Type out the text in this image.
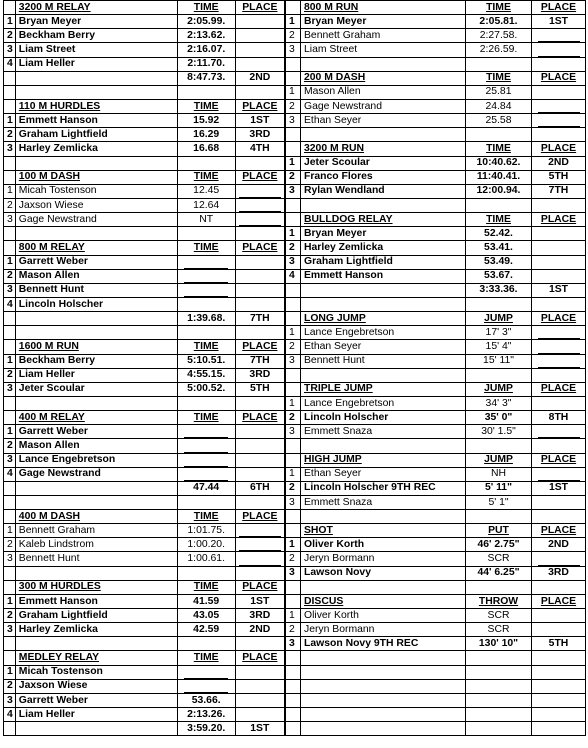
	3200 M RELAY	TIME	PLACE
1	Bryan Meyer	2:05.99.	
2	Beckham Berry	2:13.62.	
3	Liam Street	2:16.07.	
4	Liam Heller	2:11.70.	
		8:47.73.	2ND

	110 M HURDLES	TIME	PLACE
1	Emmett Hanson	15.92	1ST
2	Graham Lightfield	16.29	3RD
3	Harley Zemlicka	16.68	4TH

	100 M DASH	TIME	PLACE
1	Micah Tostenson	12.45	
2	Jaxson Wiese	12.64	
3	Gage Newstrand	NT	

	800 M RELAY	TIME	PLACE
1	Garrett Weber		
2	Mason Allen		
3	Bennett Hunt		
4	Lincoln Holscher		
		1:39.68.	7TH

	1600 M RUN	TIME	PLACE
1	Beckham Berry	5:10.51.	7TH
2	Liam Heller	4:55.15.	3RD
3	Jeter Scoular	5:00.52.	5TH

	400 M RELAY	TIME	PLACE
1	Garrett Weber		
2	Mason Allen		
3	Lance Engebretson		
4	Gage Newstrand		
		47.44	6TH

	400 M DASH	TIME	PLACE
1	Bennett Graham	1:01.75.	
2	Kaleb Lindstrom	1:00.20.	
3	Bennett Hunt	1:00.61.	

	300 M HURDLES	TIME	PLACE
1	Emmett Hanson	41.59	1ST
2	Graham Lightfield	43.05	3RD
3	Harley Zemlicka	42.59	2ND

	MEDLEY RELAY	TIME	PLACE
1	Micah Tostenson		
2	Jaxson Wiese		
3	Garrett Weber	53.66.	
4	Liam Heller	2:13.26.	
		3:59.20.	1ST
	800 M RUN	TIME	PLACE
1	Bryan Meyer	2:05.81.	1ST
2	Bennett Graham	2:27.58.	
3	Liam Street	2:26.59.	

	200 M DASH	TIME	PLACE
1	Mason Allen	25.81	
2	Gage Newstrand	24.84	
3	Ethan Seyer	25.58	

	3200 M RUN	TIME	PLACE
1	Jeter Scoular	10:40.62.	2ND
2	Franco Flores	11:40.41.	5TH
3	Rylan Wendland	12:00.94.	7TH

	BULLDOG RELAY	TIME	PLACE
1	Bryan Meyer	52.42.	
2	Harley Zemlicka	53.41.	
3	Graham Lightfield	53.49.	
4	Emmett Hanson	53.67.	
		3:33.36.	1ST

	LONG JUMP	JUMP	PLACE
1	Lance Engebretson	17' 3"	
2	Ethan Seyer	15' 4"	
3	Bennett Hunt	15' 11"	

	TRIPLE JUMP	JUMP	PLACE
1	Lance Engebretson	34' 3"	
2	Lincoln Holscher	35' 0"	8TH
3	Emmett Snaza	30' 1.5"	

	HIGH JUMP	JUMP	PLACE
1	Ethan Seyer	NH	
2	Lincoln Holscher 9TH REC	5' 11"	1ST
3	Emmett Snaza	5' 1"	

	SHOT	PUT	PLACE
1	Oliver Korth	46' 2.75"	2ND
2	Jeryn Bormann	SCR	
3	Lawson Novy	44' 6.25"	3RD

	DISCUS	THROW	PLACE
1	Oliver Korth	SCR	
2	Jeryn Bormann	SCR	
3	Lawson Novy 9TH REC	130' 10"	5TH
